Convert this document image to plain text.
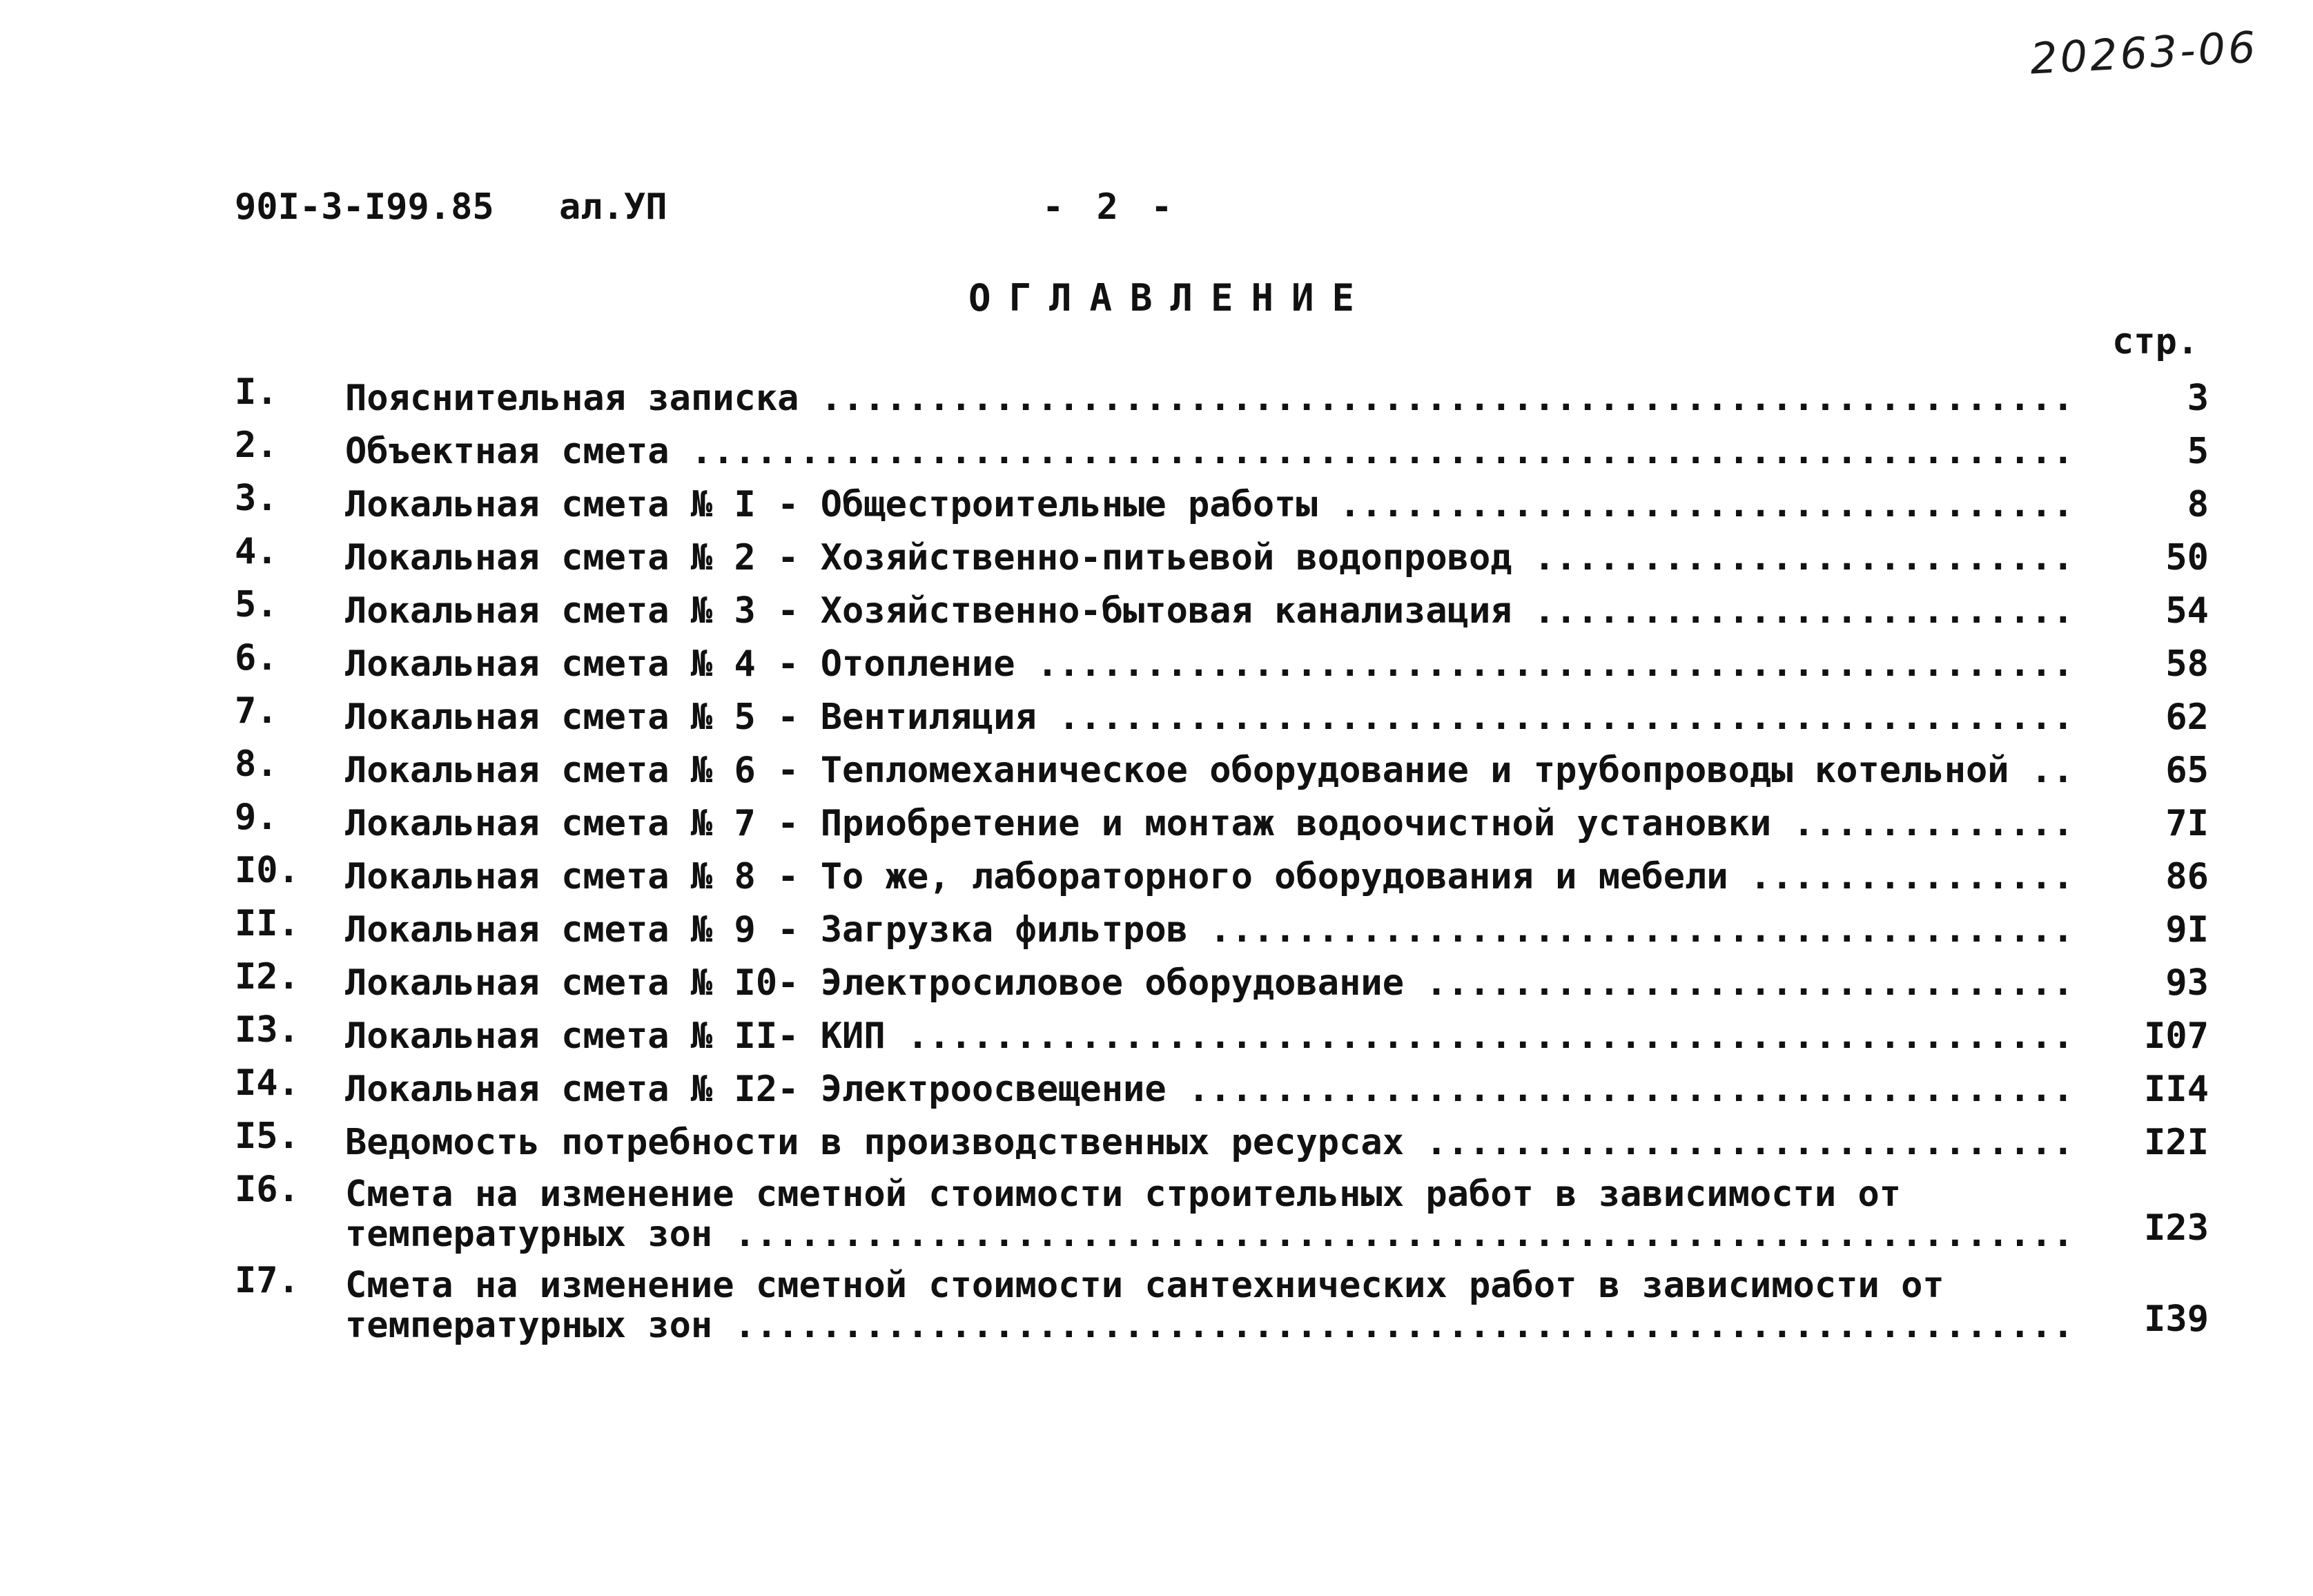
20263-06
90I-3-I99.85 ал.УП	- 2 -
ОГЛАВЛЕНИЕ
стр.
I.	Пояснительная записка .....	3
2.	Объектная смета .....	5
3.	Локальная смета № I - Общестроительные работы .....	8
4.	Локальная смета № 2 - Хозяйственно-питьевой водопровод .....	50
5.	Локальная смета № 3 - Хозяйственно-бытовая канализация .....	54
6.	Локальная смета № 4 - Отопление .....	58
7.	Локальная смета № 5 - Вентиляция .....	62
8.	Локальная смета № 6 - Тепломеханическое оборудование и трубопроводы котельной .....	65
9.	Локальная смета № 7 - Приобретение и монтаж водоочистной установки .....	7I
I0.	Локальная смета № 8 - То же, лабораторного оборудования и мебели .....	86
II.	Локальная смета № 9 - Загрузка фильтров .....	9I
I2.	Локальная смета № I0- Электросиловое оборудование .....	93
I3.	Локальная смета № II- КИП .....	I07
I4.	Локальная смета № I2- Электроосвещение .....	II4
I5.	Ведомость потребности в производственных ресурсах .....	I2I
I6.	Смета на изменение сметной стоимости строительных работ в зависимости от
температурных зон .....	I23
I7.	Смета на изменение сметной стоимости сантехнических работ в зависимости от
температурных зон .....	I39
